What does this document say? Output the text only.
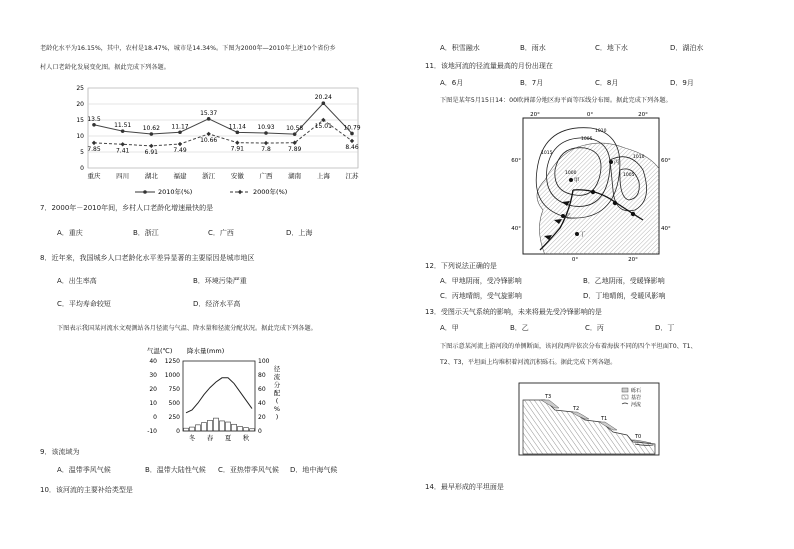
老龄化水平为16.15%，其中，农村是18.47%，城市是14.34%。下图为2000年—2010年上述10个省份乡
村人口老龄化发展变化图。据此完成下列各题。
0
5
10
15
20
25
重庆 四川 湖北 福建 浙江 安徽 广西 湖南 上海 江苏
13.5
11.51 10.62 11.17
15.37
11.14 10.93 10.58
20.24
10.79
7.85	7.41	6.91	7.49
10.66
7.91	7.8	7.89
15.01
8.46
2010年(%)	2000年(%)
7．2000年－2010年间，乡村人口老龄化增速最快的是
A．重庆	B．浙江	C．广西	D．上海
8．近年来，我国城乡人口老龄化水平差异显著的主要原因是城市地区
A．出生率高	B．环境污染严重
C．平均寿命较短	D．经济水平高
下图表示我国某河流水文观测站各月径流与气温、降水量和径流分配状况。据此完成下列各题。
气温(℃) 降水量(mm)
径
流
分
配
(
%
)
-10	0
0 250
10 500
20 750
30 1000
40 1250	100
80
60
40
20
0
冬 春 夏 秋
9．该流域为
A．温带季风气候	B．温带大陆性气候 C．亚热带季风气候 D．地中海气候
10．该河流的主要补给类型是
A．积雪融水	B．雨水	C．地下水	D．湖泊水
11．该地河流的径流量最高的月份出现在
A．6月	B．7月	C．8月	D．9月
下图是某年5月15日14：00欧洲部分地区海平面等压线分布图。据此完成下列各题。
20°	0°	20°
0°	20°
60°	60°
40°	40°
1000
1005
1010
1005
1010
1015
甲
乙
丙
丁
12．下列说法正确的是
A．甲地阴雨，受冷锋影响	B．乙地阴雨，受暖锋影响
C．丙地晴朗，受气旋影响	D．丁地晴朗，受暖风影响
13．受图示天气系统的影响，未来将最先受冷锋影响的是
A．甲	B．乙	C．丙	D．丁
下图示意某河流上游河段的单侧断面，该河段两岸依次分布着海拔不同的四个平坦面T0、T1、
T2、T3，平坦面上均堆积着河流沉积砾石。据此完成下列各题。
砾石
基岩
河流
T3
T2
T1
T0
14．最早形成的平坦面是
